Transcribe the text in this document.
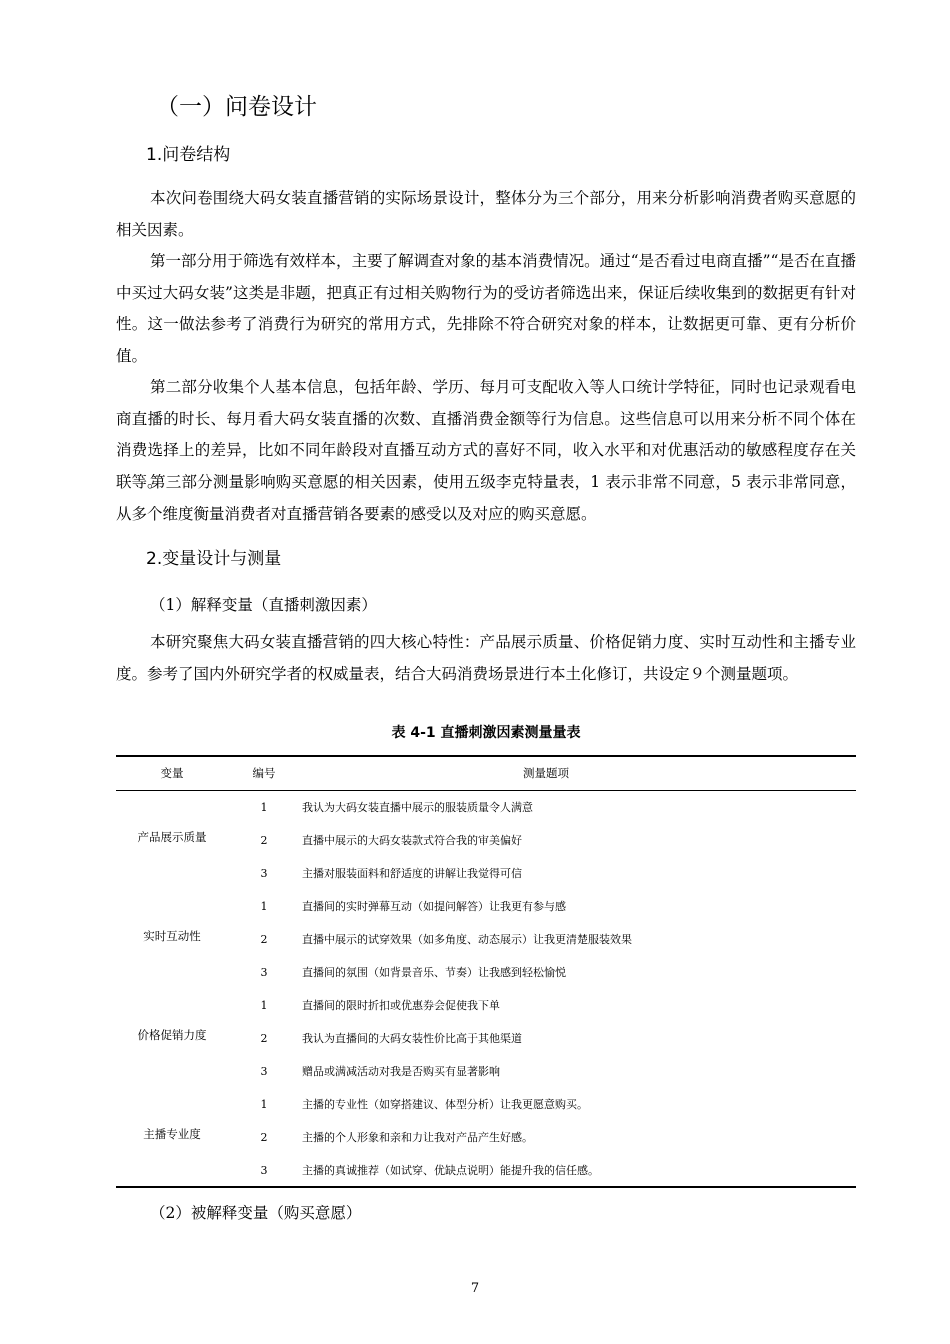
（一）问卷设计
1.问卷结构

本次问卷围绕大码女装直播营销的实际场景设计，整体分为三个部分，用来分析影响消费者购买意愿的相关因素。

第一部分用于筛选有效样本，主要了解调查对象的基本消费情况。通过“是否看过电商直播”“是否在直播中买过大码女装”这类是非题，把真正有过相关购物行为的受访者筛选出来，保证后续收集到的数据更有针对性。这一做法参考了消费行为研究的常用方式，先排除不符合研究对象的样本，让数据更可靠、更有分析价值。

第二部分收集个人基本信息，包括年龄、学历、每月可支配收入等人口统计学特征，同时也记录观看电商直播的时长、每月看大码女装直播的次数、直播消费金额等行为信息。这些信息可以用来分析不同个体在消费选择上的差异，比如不同年龄段对直播互动方式的喜好不同，收入水平和对优惠活动的敏感程度存在关联等。

第三部分测量影响购买意愿的相关因素，使用五级李克特量表，1 表示非常不同意，5 表示非常同意，从多个维度衡量消费者对直播营销各要素的感受以及对应的购买意愿。

2.变量设计与测量
（1）解释变量（直播刺激因素）

本研究聚焦大码女装直播营销的四大核心特性：产品展示质量、价格促销力度、实时互动性和主播专业度。参考了国内外研究学者的权威量表，结合大码消费场景进行本土化修订，共设定９个测量题项。

表 4-1 直播刺激因素测量量表
变量	编号	测量题项
产品展示质量
1	我认为大码女装直播中展示的服装质量令人满意
2	直播中展示的大码女装款式符合我的审美偏好
3	主播对服装面料和舒适度的讲解让我觉得可信
实时互动性
1	直播间的实时弹幕互动（如提问解答）让我更有参与感
2	直播中展示的试穿效果（如多角度、动态展示）让我更清楚服装效果
3	直播间的氛围（如背景音乐、节奏）让我感到轻松愉悦
价格促销力度
1	直播间的限时折扣或优惠券会促使我下单
2	我认为直播间的大码女装性价比高于其他渠道
3	赠品或满减活动对我是否购买有显著影响
主播专业度
1	主播的专业性（如穿搭建议、体型分析）让我更愿意购买。
2	主播的个人形象和亲和力让我对产品产生好感。
3	主播的真诚推荐（如试穿、优缺点说明）能提升我的信任感。
（2）被解释变量（购买意愿）
7
